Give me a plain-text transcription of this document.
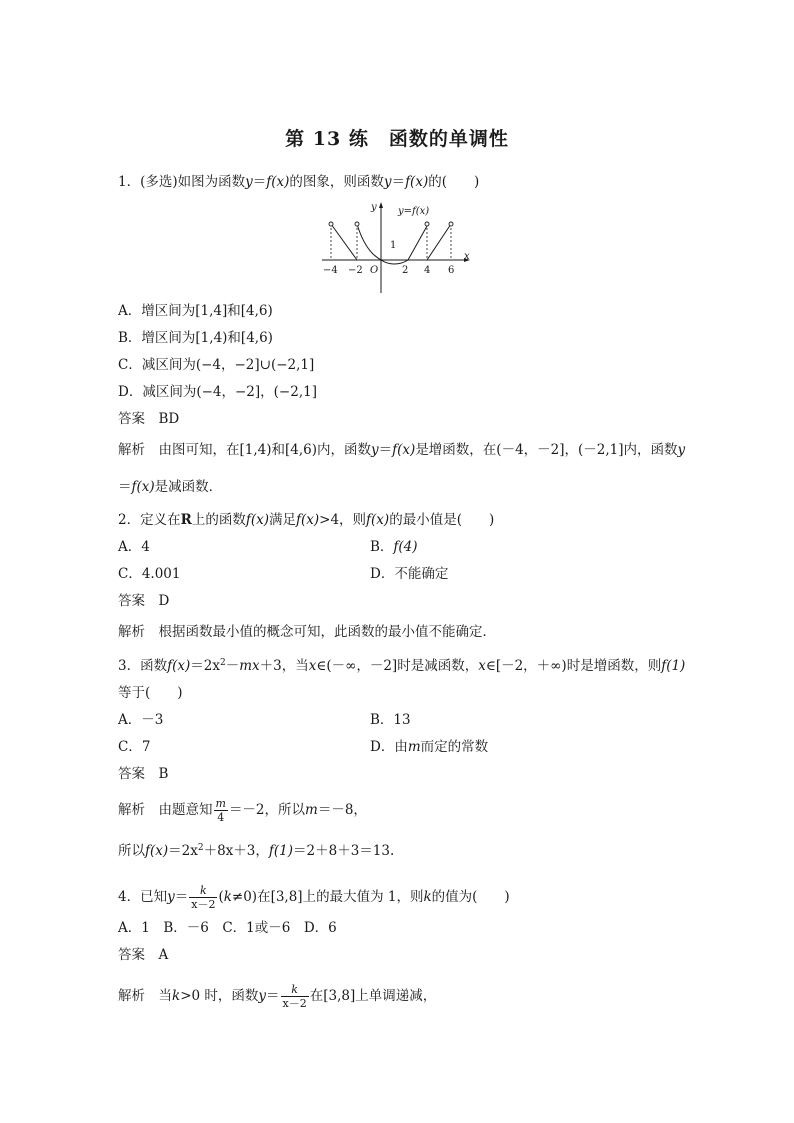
第 13 练　函数的单调性
1．(多选)如图为函数y＝f(x)的图象，则函数y＝f(x)的(　　)
y
x
y=f(x)
1
O
−4 −2	2 4 6
A．增区间为[1,4]和[4,6)
B．增区间为[1,4)和[4,6)
C．减区间为(−4，−2]∪(−2,1]
D．减区间为(−4，−2]，(−2,1]
答案　 BD
解析　 由图可知，在[1,4)和[4,6)内，函数y＝f(x)是增函数，在(－4，－2]，(－2,1]内，函数y
＝f(x)是减函数．
2．定义在R上的函数f(x)满足f(x)>4，则f(x)的最小值是(　　)
A．4	B．f(4)
C．4.001	D．不能确定
答案　 D
解析　 根据函数最小值的概念可知，此函数的最小值不能确定．
3．函数$f(x)=2x^2-mx+3$，当x∈(－∞，－2]时是减函数，x∈[－2，＋∞)时是增函数，则f(1)
等于(　　)
A．－3	B．13
C．7	D．由m而定的常数
答案　 B
解析　 由题意知 $\frac{m}{4} =-2$，所以m＝－8，
所以$f(x)=2x^2+8x+3$，f(1)＝2＋8＋3＝13.
4．已知$y= \frac{k}{x-2} (k\ne 0)$在[3,8]上的最大值为 1，则k的值为(　　)
A．1　B．－6　C．1或－6　D．6
答案　 A
解析　 当k>0 时，函数$y= \frac{k}{x-2}$ 在[3,8]上单调递减，
